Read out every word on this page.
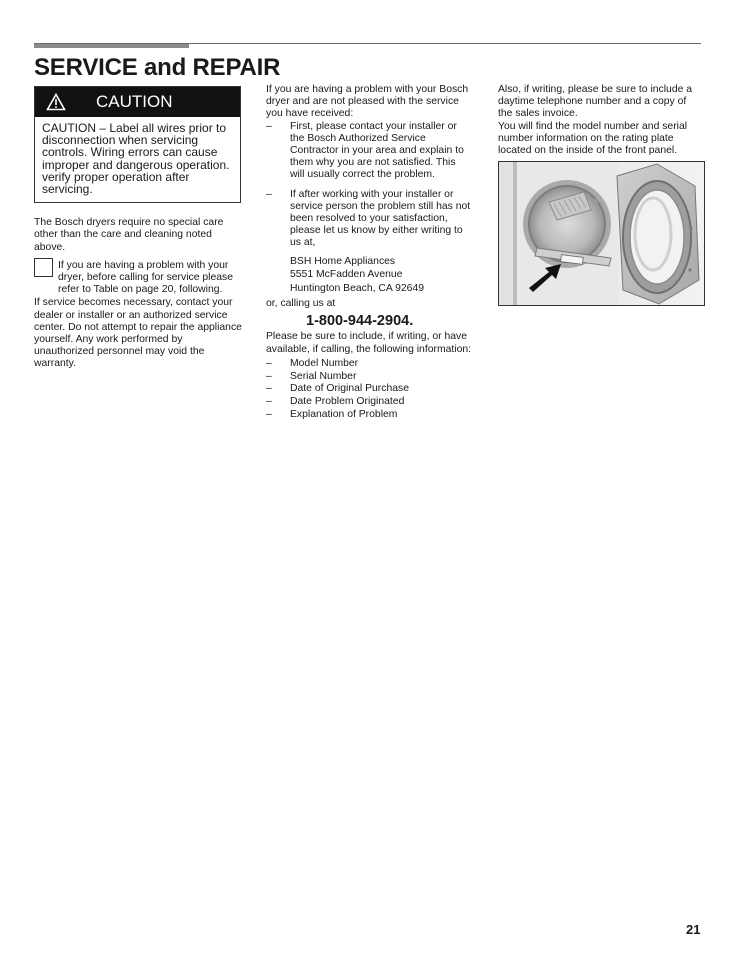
SERVICE and REPAIR
CAUTION
CAUTION – Label all wires prior to disconnection when servicing controls. Wiring errors can cause improper and dangerous operation. verify proper operation after servicing.

The Bosch dryers require no special care other than the care and cleaning noted above.

If you are having a problem with your dryer, before calling for service please refer to Table on page 20, following.

If service becomes necessary, contact your dealer or installer or an authorized service center. Do not attempt to repair the appliance yourself. Any work performed by unauthorized personnel may void the warranty.

If you are having a problem with your Bosch dryer and are not pleased with the service you have received:

– First, please contact your installer or the Bosch Authorized Service Contractor in your area and explain to them why you are not satisfied. This will usually correct the problem.

– If after working with your installer or service person the problem still has not been resolved to your satisfaction, please let us know by either writing to us at,

BSH Home Appliances
5551 McFadden Avenue
Huntington Beach, CA 92649

or, calling us at

1-800-944-2904.

Please be sure to include, if writing, or have available, if calling, the following information:

– Model Number
– Serial Number
– Date of Original Purchase
– Date Problem Originated
– Explanation of Problem

Also, if writing, please be sure to include a daytime telephone number and a copy of the sales invoice.

You will find the model number and serial number information on the rating plate located on the inside of the front panel.

21
